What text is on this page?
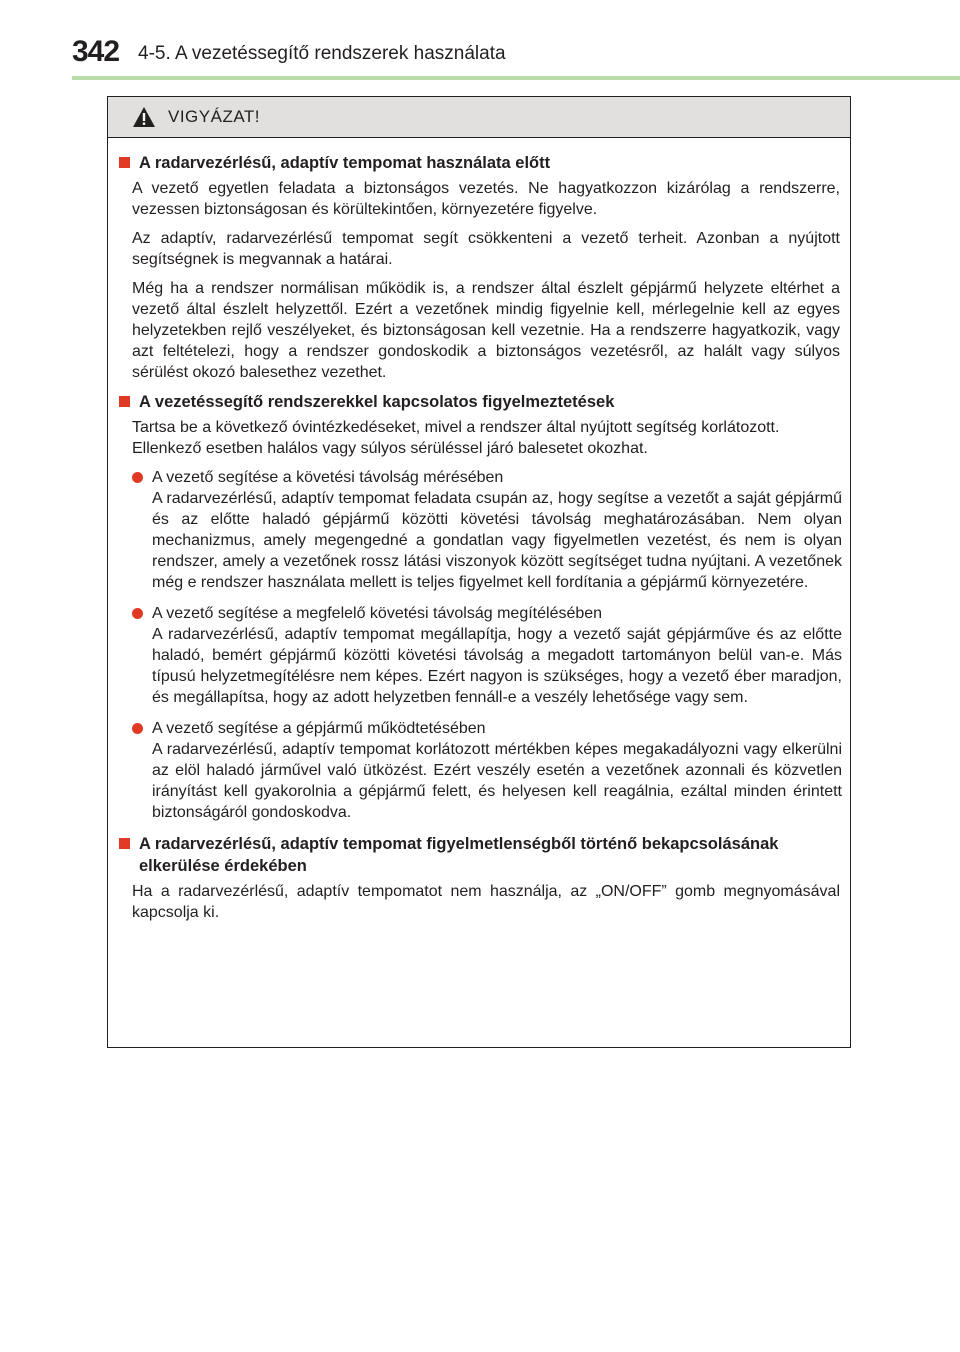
342 4-5. A vezetéssegítő rendszerek használata
VIGYÁZAT!
A radarvezérlésű, adaptív tempomat használata előtt

A vezető egyetlen feladata a biztonságos vezetés. Ne hagyatkozzon kizárólag a rendszerre, vezessen biztonságosan és körültekintően, környezetére figyelve.

Az adaptív, radarvezérlésű tempomat segít csökkenteni a vezető terheit. Azonban a nyújtott segítségnek is megvannak a határai.

Még ha a rendszer normálisan működik is, a rendszer által észlelt gépjármű helyzete eltérhet a vezető által észlelt helyzettől. Ezért a vezetőnek mindig figyelnie kell, mérlegelnie kell az egyes helyzetekben rejlő veszélyeket, és biztonságosan kell vezetnie. Ha a rendszerre hagyatkozik, vagy azt feltételezi, hogy a rendszer gondoskodik a biztonságos vezetésről, az halált vagy súlyos sérülést okozó balesethez vezethet.

A vezetéssegítő rendszerekkel kapcsolatos figyelmeztetések

Tartsa be a következő óvintézkedéseket, mivel a rendszer által nyújtott segítség korlátozott.

Ellenkező esetben halálos vagy súlyos sérüléssel járó balesetet okozhat.

A vezető segítése a követési távolság mérésében
A radarvezérlésű, adaptív tempomat feladata csupán az, hogy segítse a vezetőt a saját gépjármű és az előtte haladó gépjármű közötti követési távolság meghatározásában. Nem olyan mechanizmus, amely megengedné a gondatlan vagy figyelmetlen vezetést, és nem is olyan rendszer, amely a vezetőnek rossz látási viszonyok között segítséget tudna nyújtani. A vezetőnek még e rendszer használata mellett is teljes figyelmet kell fordítania a gépjármű környezetére.
A vezető segítése a megfelelő követési távolság megítélésében
A radarvezérlésű, adaptív tempomat megállapítja, hogy a vezető saját gépjárműve és az előtte haladó, bemért gépjármű közötti követési távolság a megadott tartományon belül van-e. Más típusú helyzetmegítélésre nem képes. Ezért nagyon is szükséges, hogy a vezető éber maradjon, és megállapítsa, hogy az adott helyzetben fennáll-e a veszély lehetősége vagy sem.
A vezető segítése a gépjármű működtetésében
A radarvezérlésű, adaptív tempomat korlátozott mértékben képes megakadályozni vagy elkerülni az elöl haladó járművel való ütközést. Ezért veszély esetén a vezetőnek azonnali és közvetlen irányítást kell gyakorolnia a gépjármű felett, és helyesen kell reagálnia, ezáltal minden érintett biztonságáról gondoskodva.
A radarvezérlésű, adaptív tempomat figyelmetlenségből történő bekapcsolásának elkerülése érdekében

Ha a radarvezérlésű, adaptív tempomatot nem használja, az „ON/OFF” gomb megnyomásával kapcsolja ki.
